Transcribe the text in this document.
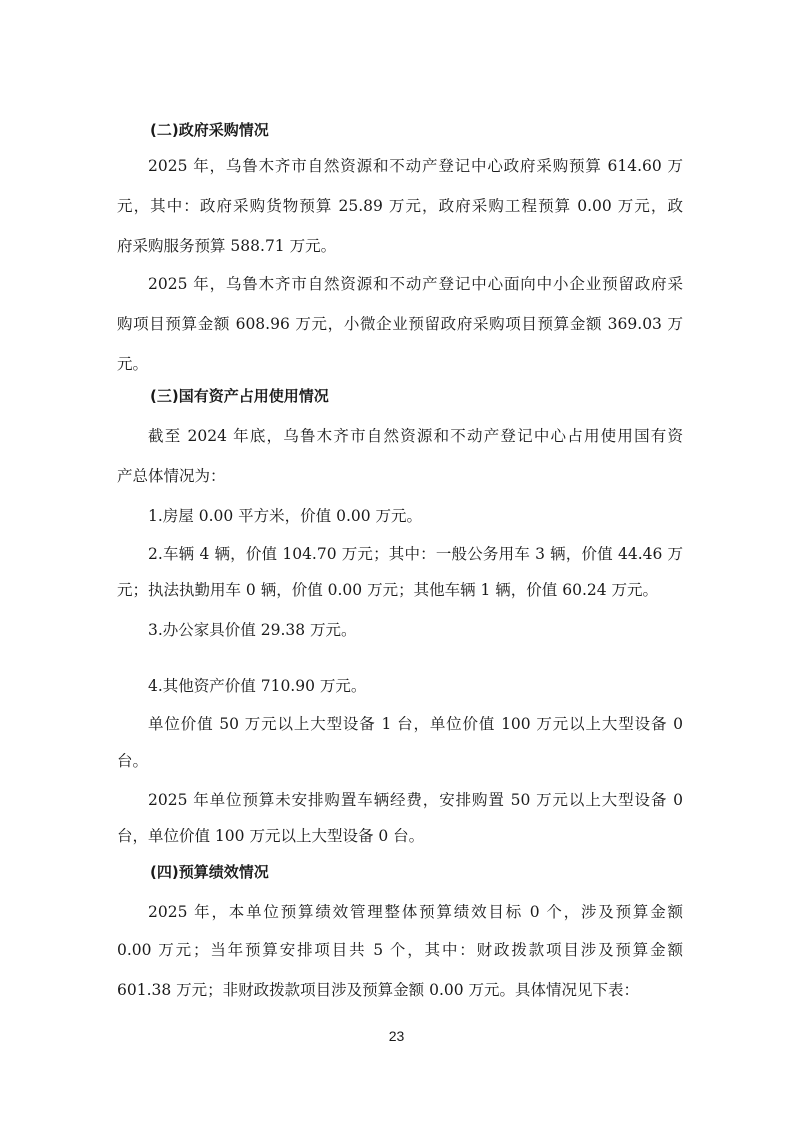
(二)政府采购情况
2025 年，乌鲁木齐市自然资源和不动产登记中心政府采购预算 614.60 万
元，其中：政府采购货物预算 25.89 万元，政府采购工程预算 0.00 万元，政
府采购服务预算 588.71 万元。
2025 年，乌鲁木齐市自然资源和不动产登记中心面向中小企业预留政府采
购项目预算金额 608.96 万元，小微企业预留政府采购项目预算金额 369.03 万
元。
(三)国有资产占用使用情况
截至 2024 年底，乌鲁木齐市自然资源和不动产登记中心占用使用国有资
产总体情况为：
1.房屋 0.00 平方米，价值 0.00 万元。
2.车辆 4 辆，价值 104.70 万元；其中：一般公务用车 3 辆，价值 44.46 万
元；执法执勤用车 0 辆，价值 0.00 万元；其他车辆 1 辆，价值 60.24 万元。
3.办公家具价值 29.38 万元。
4.其他资产价值 710.90 万元。
单位价值 50 万元以上大型设备 1 台，单位价值 100 万元以上大型设备 0
台。
2025 年单位预算未安排购置车辆经费，安排购置 50 万元以上大型设备 0
台，单位价值 100 万元以上大型设备 0 台。
(四)预算绩效情况
2025 年，本单位预算绩效管理整体预算绩效目标 0 个，涉及预算金额
0.00 万元；当年预算安排项目共 5 个，其中：财政拨款项目涉及预算金额
601.38 万元；非财政拨款项目涉及预算金额 0.00 万元。具体情况见下表：
23
